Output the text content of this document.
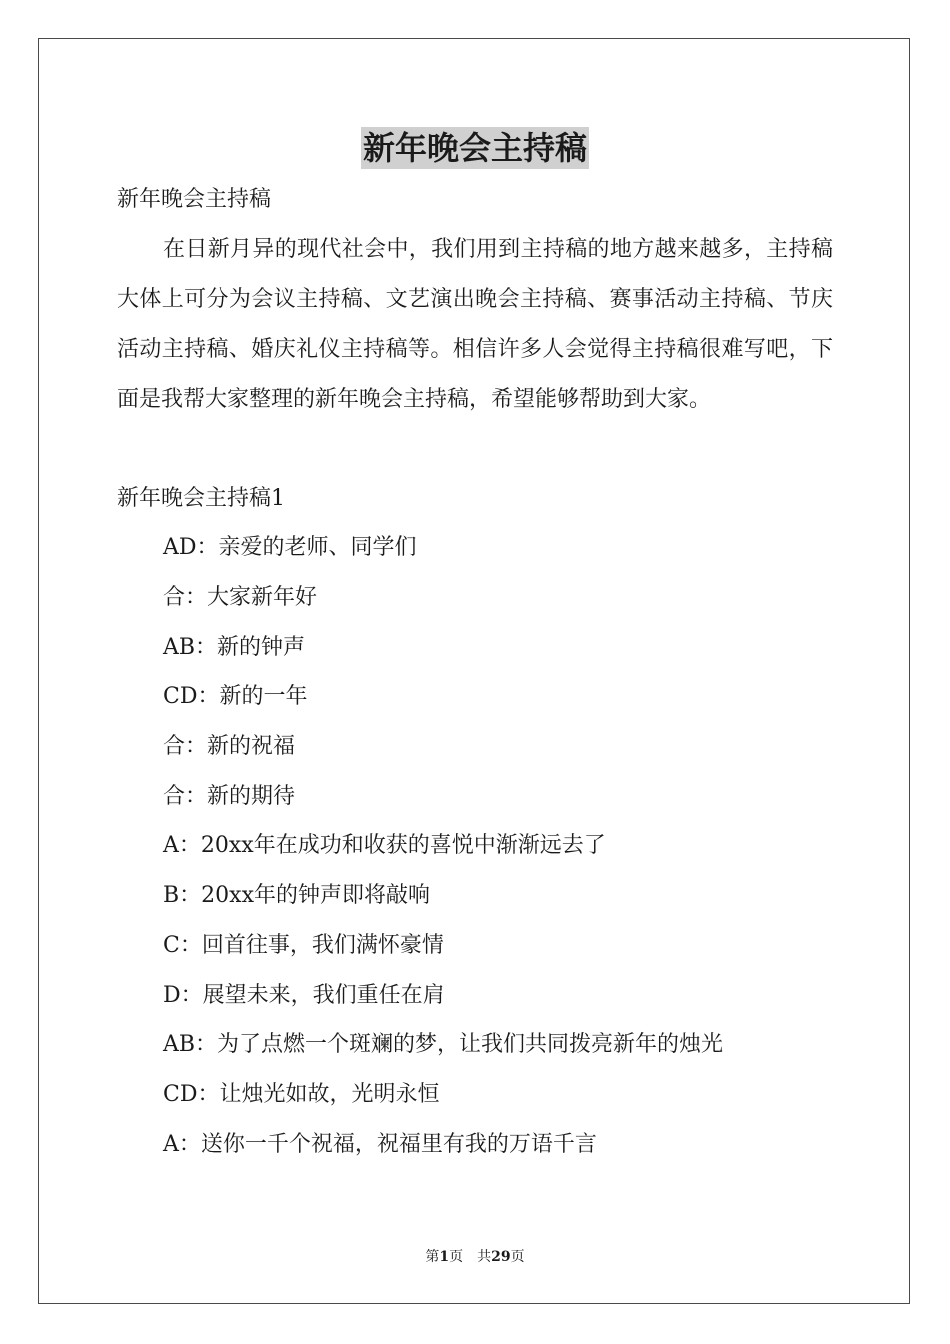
新年晚会主持稿
新年晚会主持稿
在日新月异的现代社会中，我们用到主持稿的地方越来越多，主持稿大体上可分为会议主持稿、文艺演出晚会主持稿、赛事活动主持稿、节庆活动主持稿、婚庆礼仪主持稿等。相信许多人会觉得主持稿很难写吧，下面是我帮大家整理的新年晚会主持稿，希望能够帮助到大家。
新年晚会主持稿1
AD：亲爱的老师、同学们
合：大家新年好
AB：新的钟声
CD：新的一年
合：新的祝福
合：新的期待
A：20xx年在成功和收获的喜悦中渐渐远去了
B：20xx年的钟声即将敲响
C：回首往事，我们满怀豪情
D：展望未来，我们重任在肩
AB：为了点燃一个斑斓的梦，让我们共同拨亮新年的烛光
CD：让烛光如故，光明永恒
A：送你一千个祝福，祝福里有我的万语千言
第1页 共29页
